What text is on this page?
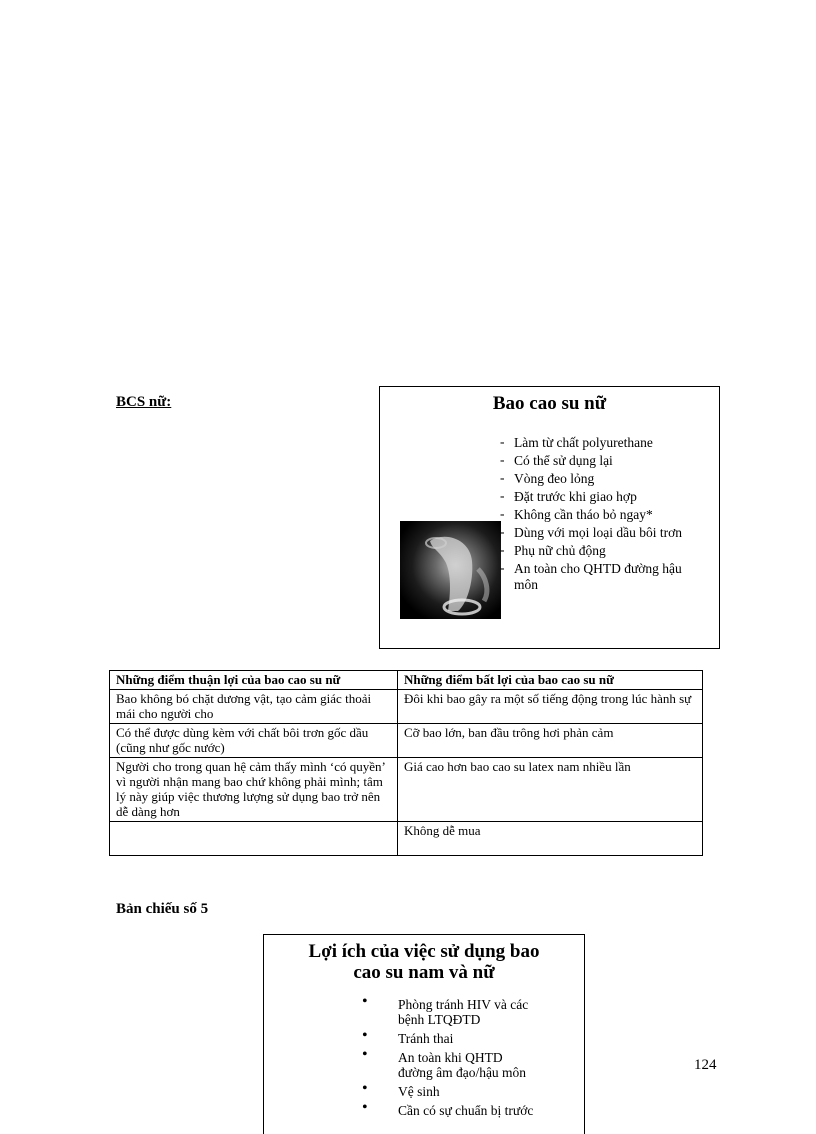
BCS nữ:	Bao cao su nữ
- Làm từ chất polyurethane
- Có thể sử dụng lại
- Vòng đeo lỏng
- Đặt trước khi giao hợp
- Không cần tháo bỏ ngay*
- Dùng với mọi loại dầu bôi trơn
- Phụ nữ chủ động
- An toàn cho QHTD đường hậu môn
Những điểm thuận lợi của bao cao su nữ	Những điểm bất lợi của bao cao su nữ
Bao không bó chặt dương vật, tạo cảm giác thoải mái cho người cho	Đôi khi bao gây ra một số tiếng động trong lúc hành sự
Có thể được dùng kèm với chất bôi trơn gốc dầu (cũng như gốc nước)	Cỡ bao lớn, ban đầu trông hơi phản cảm
Người cho trong quan hệ cảm thấy mình ‘có quyền’ vì người nhận mang bao chứ không phải mình; tâm lý này giúp việc thương lượng sử dụng bao trở nên dễ dàng hơn	Giá cao hơn bao cao su latex nam nhiều lần
	Không dễ mua
Bản chiếu số 5
Lợi ích của việc sử dụng bao
cao su nam và nữ
• Phòng tránh HIV và các bệnh LTQĐTD
• Tránh thai
• An toàn khi QHTD đường âm đạo/hậu môn
• Vệ sinh
• Cần có sự chuẩn bị trước
124
